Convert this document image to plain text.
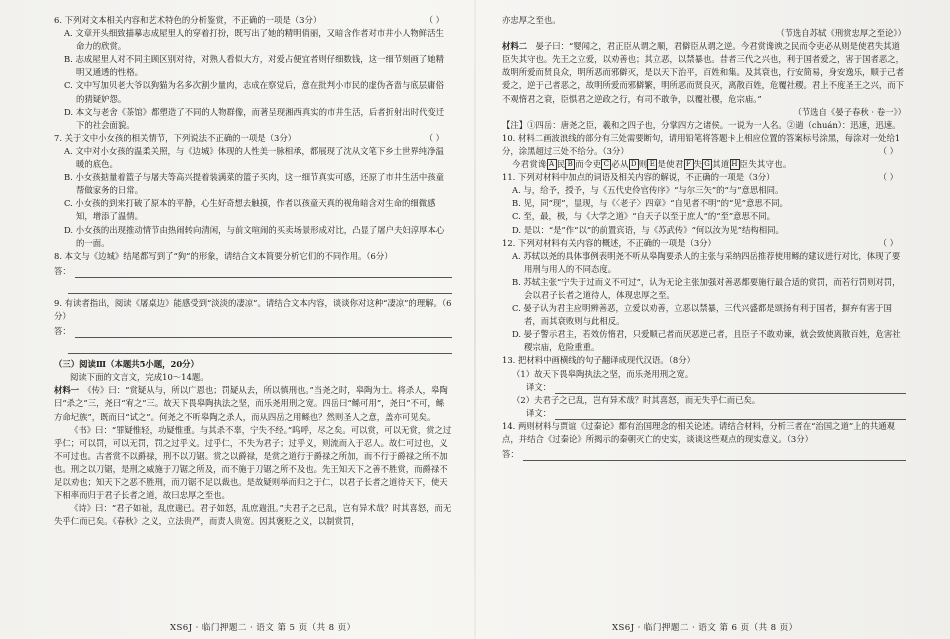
6. 下列对文本相关内容和艺术特色的分析鉴赏，不正确的一项是（3分）	（ ）

A. 文章开头细致描摹志成屋里人的穿着打扮，既写出了她的精明俏丽，又暗含作者对市井小人物鲜活生命力的欣赏。

B. 志成屋里人对不同主顾区别对待，对熟人看似大方，对爱占便宜者则仔细数钱，这一细节刻画了她精明又通透的性格。

C. 文中写加贝老大爷以狗猫为名多次割少量肉，志成在察觉后，意在批判小市民的虚伪吝啬与底层庸俗的猜疑妒怨。

D. 本文与老舍《茶馆》都塑造了不同的人物群像，而著呈现湘西真实的市井生活，后者折射出时代变迁下的社会面貌。

7. 关于文中小女孩的相关情节，下列说法不正确的一项是（3分）	（ ）

A. 文中对小女孩的温柔关照，与《边城》体现的人性美一脉相承，都展现了沈从文笔下乡土世界纯净温暖的底色。

B. 小女孩掂量着篮子与屠夫等高兴提着装满菜的篮子买肉，这一细节真实可感，还原了市井生活中孩童帮做家务的日常。

C. 小女孩的到来打破了原本的平静，心生好奇想去触摸，作者以孩童天真的视角暗含对生命的细微感知，增添了温情。

D. 小女孩的出现推动情节由热闹转向清闲，与前文喧闹的买卖场景形成对比，凸显了屠户夫妇淳厚本心的一面。

8. 本文与《边城》结尾都写到了“狗”的形象，请结合文本简要分析它们的不同作用。（6分）

答：

9. 有读者指出，阅读《屠桌边》能感受到“淡淡的凄凉”。请结合文本内容，谈谈你对这种“凄凉”的理解。（6分）

答：

（三）阅读Ⅲ（本题共5小题，20分）

阅读下面的文言文，完成10～14题。

材料一　 《传》曰：“赏疑从与，所以广恩也；罚疑从去，所以慎刑也。”当尧之时，皋陶为士。将杀人，皋陶曰“杀之”三，尧曰“宥之”三。故天下畏皋陶执法之坚，而乐尧用刑之宽。四岳曰“鲧可用”，尧曰“不可，鲧方命圮族”，既而曰“试之”。何尧之不听皋陶之杀人，而从四岳之用鲧也？然则圣人之意，盖亦可见矣。

《书》曰：“罪疑惟轻，功疑惟重。与其杀不辜，宁失不经。”呜呼，尽之矣。可以赏，可以无赏，赏之过乎仁；可以罚，可以无罚，罚之过乎义。过乎仁，不失为君子；过乎义，则流而入于忍人。故仁可过也，义不可过也。古者赏不以爵禄，刑不以刀锯。赏之以爵禄，是赏之道行于爵禄之所加，而不行于爵禄之所不加也。刑之以刀锯，是刑之威施于刀锯之所及，而不施于刀锯之所不及也。先王知天下之善不胜赏，而爵禄不足以劝也；知天下之恶不胜刑，而刀锯不足以裁也。是故疑则举而归之于仁，以君子长者之道待天下，使天下相率而归于君子长者之道，故曰忠厚之至也。

《诗》曰：“君子如祉，乱庶遄已。君子如怒，乱庶遄沮。”夫君子之已乱，岂有异术哉？时其喜怒，而无失乎仁而已矣。《春秋》之义，立法贵严，而责人贵宽。因其褒贬之义，以制赏罚，

XS6J · 临门押题二 · 语文 第 5 页（共 8 页）

亦忠厚之至也。

（节选自苏轼《刑赏忠厚之至论》）

材料二　 晏子曰：“婴闻之，君正臣从谓之顺，君僻臣从谓之逆。今君赏谗谀之民而令吏必从则是使君失其道臣失其守也。先王之立爱，以劝善也；其立恶，以禁暴也。昔者三代之兴也，利于国者爱之，害于国者恶之，故明所爱而贤良众，明所恶而邪僻灭，是以天下治平，百姓和集。及其衰也，行安简易，身安逸乐，顺于己者爱之，逆于己者恶之，故明所爱而邪僻繁，明所恶而贤良灭，离散百姓，危覆社稷。君上不度圣王之兴，而下不观惰君之衰，臣惧君之逆政之行，有司不敢争，以覆社稷，危宗庙。”

（节选自《晏子春秋 · 卷一》）

【注】①四岳：唐尧之臣，羲和之四子也，分掌四方之诸侯。一说为一人名。②遄（chuán）：迅速，迅速。

10. 材料二画波浪线的部分有三处需要断句，请用铅笔将答题卡上相应位置的答案标号涂黑，每涂对一处给1分，涂黑超过三处不给分。（3分）	（ ）

今君赏谗 A 民 B 而令吏 C 必从 D 则 E 是使君 F 失 G 其道 H 臣失其守也。

11. 下列对材料中加点的词语及相关内容的解说，不正确的一项是（3分）	（ ）

A. 与，给予，授予，与《五代史伶官传序》“与尔三矢”的“与”意思相同。

B. 见，同“现”，显现，与《〈老子〉四章》“自见者不明”的“见”意思不同。

C. 至，最，极，与《大学之道》“自天子以至于庶人”的“至”意思不同。

D. 是以：“是”作“以”的前置宾语，与《苏武传》“何以汝为见”结构相同。

12. 下列对材料有关内容的概述，不正确的一项是（3分）	（ ）

A. 苏轼以尧的具体事例表明尧不听从皋陶要杀人的主张与采纳四岳推荐使用鲧的建议进行对比，体现了要用刑与用人的不同态度。

B. 苏轼主张“宁失于过而义不可过”，认为无论主张加强对善恶都要施行最合适的赏罚，而若行罚则对罚，会以君子长者之道待人，体现忠厚之至。

C. 晏子认为君主应明辨善恶，立爱以劝善，立恶以禁暴，三代兴盛都是颂扬有利于国者，摒弃有害于国者，而其衰败则与此相反。

D. 晏子警示君主，若效仿惰君，只爱顺己者而厌恶逆己者，且臣子不敢劝谏，就会致使离散百姓，危害社稷宗庙，危险重重。

13. 把材料中画横线的句子翻译成现代汉语。（8分）

（1）故天下畏皋陶执法之坚，而乐尧用刑之宽。

译文：

（2）夫君子之已乱，岂有异术哉？时其喜怒，而无失乎仁而已矣。

译文：

14. 两则材料与贾谊《过秦论》都有治国理念的相关论述。请结合材料，分析三者在“治国之道”上的共通观点，并结合《过秦论》所揭示的秦朝灭亡的史实，谈谈这些观点的现实意义。（3分）

答：
XS6J · 临门押题二 · 语文 第 6 页（共 8 页）
